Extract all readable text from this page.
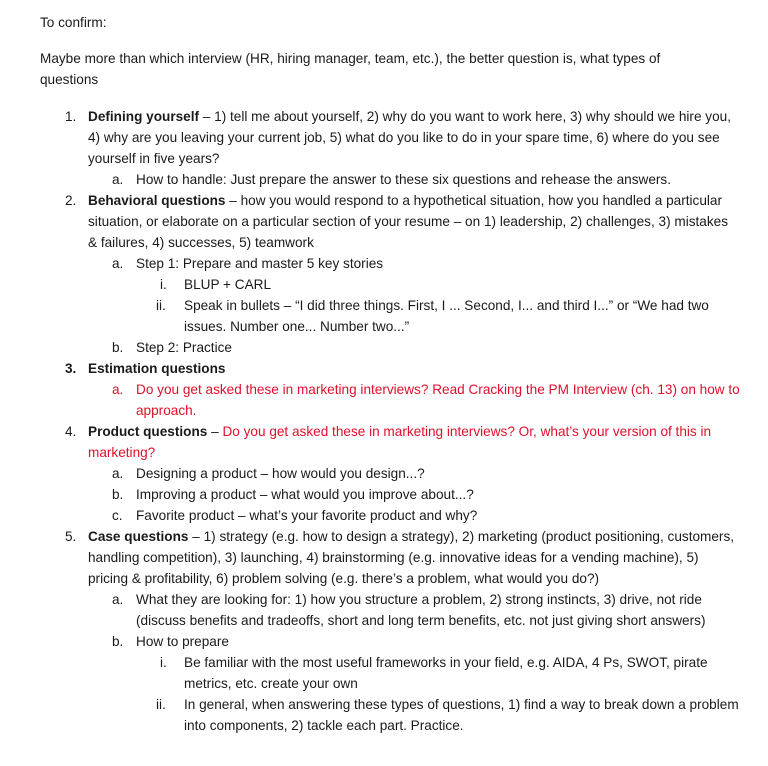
To confirm:

Maybe more than which interview (HR, hiring manager, team, etc.), the better question is, what types of questions

1. Defining yourself – 1) tell me about yourself, 2) why do you want to work here, 3) why should we hire you, 4) why are you leaving your current job, 5) what do you like to do in your spare time, 6) where do you see yourself in five years?
a. How to handle: Just prepare the answer to these six questions and rehease the answers.
2. Behavioral questions – how you would respond to a hypothetical situation, how you handled a particular situation, or elaborate on a particular section of your resume – on 1) leadership, 2) challenges, 3) mistakes & failures, 4) successes, 5) teamwork
a. Step 1: Prepare and master 5 key stories
i. BLUP + CARL
ii. Speak in bullets – “I did three things. First, I ... Second, I... and third I...” or “We had two issues. Number one... Number two...”
b. Step 2: Practice
3. Estimation questions
a. Do you get asked these in marketing interviews? Read Cracking the PM Interview (ch. 13) on how to approach.
4. Product questions – Do you get asked these in marketing interviews? Or, what’s your version of this in marketing?
a. Designing a product – how would you design...?
b. Improving a product – what would you improve about...?
c. Favorite product – what’s your favorite product and why?
5. Case questions – 1) strategy (e.g. how to design a strategy), 2) marketing (product positioning, customers, handling competition), 3) launching, 4) brainstorming (e.g. innovative ideas for a vending machine), 5) pricing & profitability, 6) problem solving (e.g. there’s a problem, what would you do?)
a. What they are looking for: 1) how you structure a problem, 2) strong instincts, 3) drive, not ride (discuss benefits and tradeoffs, short and long term benefits, etc. not just giving short answers)
b. How to prepare
i. Be familiar with the most useful frameworks in your field, e.g. AIDA, 4 Ps, SWOT, pirate metrics, etc. create your own
ii. In general, when answering these types of questions, 1) find a way to break down a problem into components, 2) tackle each part. Practice.
